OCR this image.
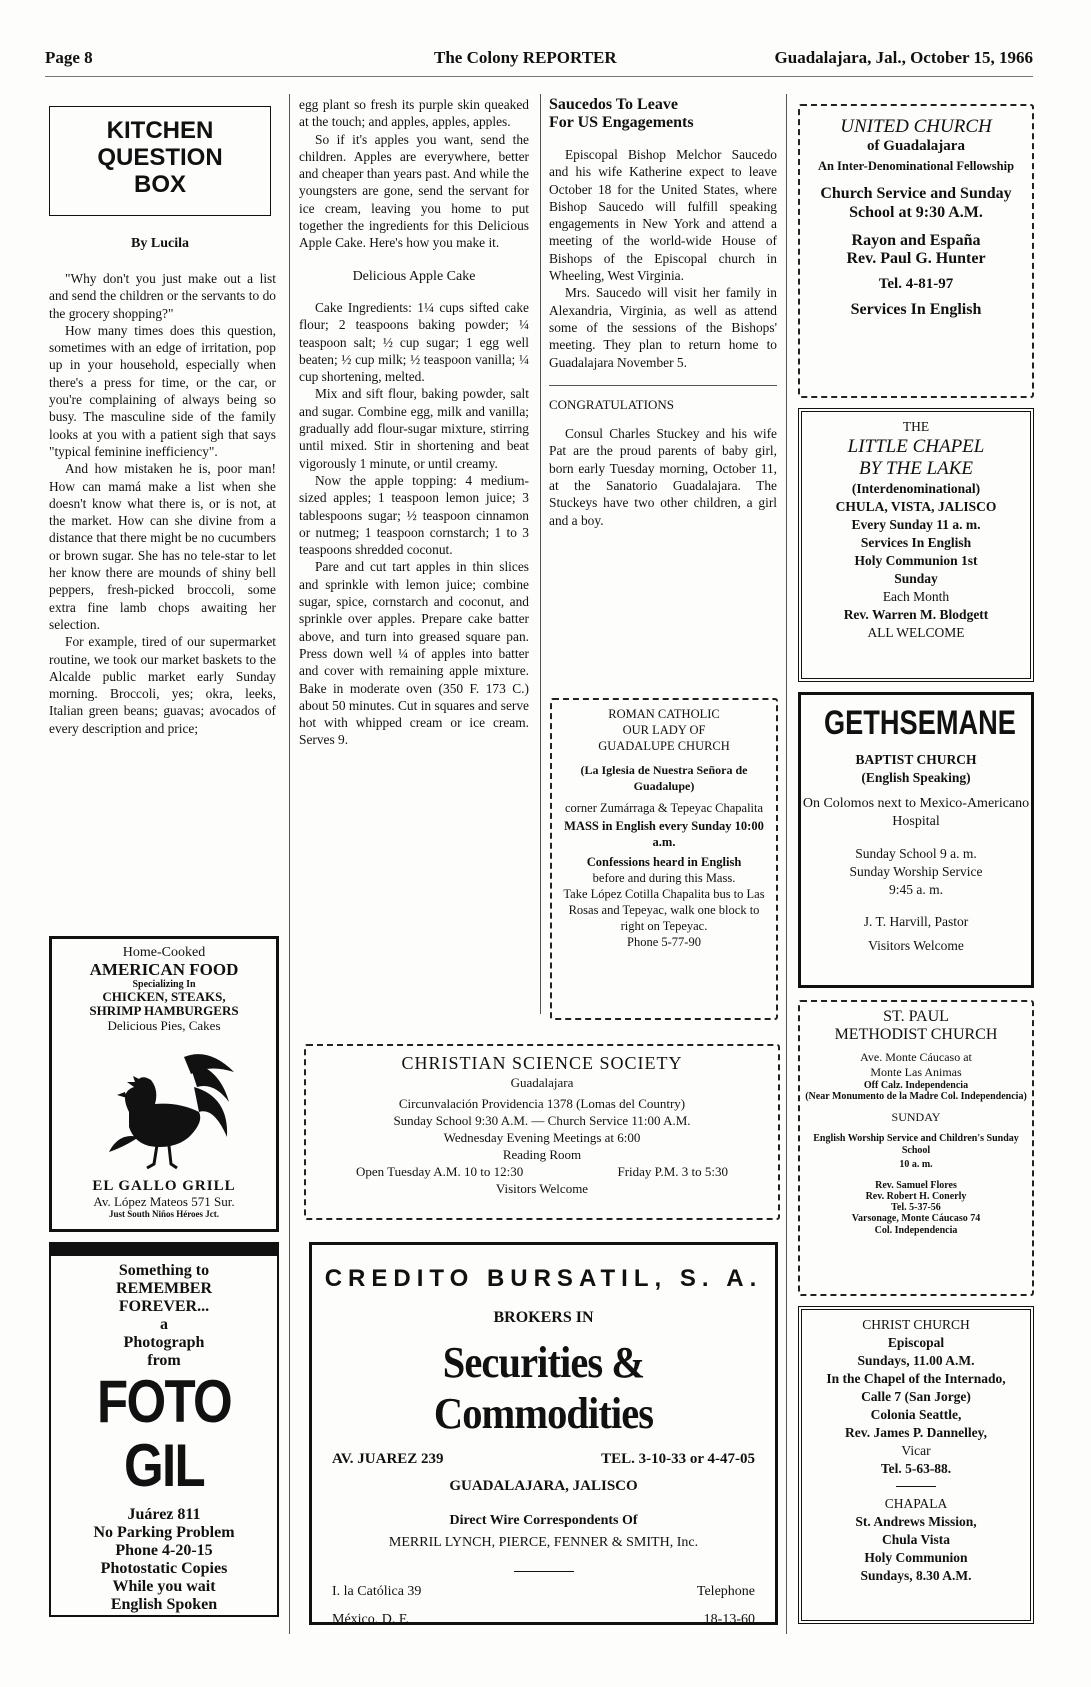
Page 8	The Colony REPORTER	Guadalajara, Jal., October 15, 1966
KITCHEN
QUESTION
BOX
By Lucila

"Why don't you just make out a list and send the children or the servants to do the grocery shopping?"

How many times does this question, sometimes with an edge of irritation, pop up in your household, especially when there's a press for time, or the car, or you're complaining of always being so busy. The masculine side of the family looks at you with a patient sigh that says "typical feminine inefficiency".

And how mistaken he is, poor man! How can mamá make a list when she doesn't know what there is, or is not, at the market. How can she divine from a distance that there might be no cucumbers or brown sugar. She has no tele-star to let her know there are mounds of shiny bell peppers, fresh-picked broccoli, some extra fine lamb chops awaiting her selection.

For example, tired of our supermarket routine, we took our market baskets to the Alcalde public market early Sunday morning. Broccoli, yes; okra, leeks, Italian green beans; guavas; avocados of every description and price;

Home-Cooked
AMERICAN FOOD
Specializing In
CHICKEN, STEAKS, SHRIMP HAMBURGERS
Delicious Pies, Cakes
EL GALLO GRILL
Av. López Mateos 571 Sur.
Just South Niños Héroes Jct.
Something to
REMEMBER
FOREVER...
a
Photograph
from
FOTO GIL
Juárez 811
No Parking Problem
Phone 4-20-15
Photostatic Copies
While you wait
English Spoken

egg plant so fresh its purple skin queaked at the touch; and apples, apples, apples.

So if it's apples you want, send the children. Apples are everywhere, better and cheaper than years past. And while the youngsters are gone, send the servant for ice cream, leaving you home to put together the ingredients for this Delicious Apple Cake. Here's how you make it.

Delicious Apple Cake

Cake Ingredients: 1¼ cups sifted cake flour; 2 teaspoons baking powder; ¼ teaspoon salt; ½ cup sugar; 1 egg well beaten; ½ cup milk; ½ teaspoon vanilla; ¼ cup shortening, melted.

Mix and sift flour, baking powder, salt and sugar. Combine egg, milk and vanilla; gradually add flour-sugar mixture, stirring until mixed. Stir in shortening and beat vigorously 1 minute, or until creamy.

Now the apple topping: 4 medium-sized apples; 1 teaspoon lemon juice; 3 tablespoons sugar; ½ teaspoon cinnamon or nutmeg; 1 teaspoon cornstarch; 1 to 3 teaspoons shredded coconut.

Pare and cut tart apples in thin slices and sprinkle with lemon juice; combine sugar, spice, cornstarch and coconut, and sprinkle over apples. Prepare cake batter above, and turn into greased square pan. Press down well ¼ of apples into batter and cover with remaining apple mixture. Bake in moderate oven (350 F. 173 C.) about 50 minutes. Cut in squares and serve hot with whipped cream or ice cream. Serves 9.

Saucedos To Leave
For US Engagements

Episcopal Bishop Melchor Saucedo and his wife Katherine expect to leave October 18 for the United States, where Bishop Saucedo will fulfill speaking engagements in New York and attend a meeting of the world-wide House of Bishops of the Episcopal church in Wheeling, West Virginia.

Mrs. Saucedo will visit her family in Alexandria, Virginia, as well as attend some of the sessions of the Bishops' meeting. They plan to return home to Guadalajara November 5.

CONGRATULATIONS

Consul Charles Stuckey and his wife Pat are the proud parents of baby girl, born early Tuesday morning, October 11, at the Sanatorio Guadalajara. The Stuckeys have two other children, a girl and a boy.

ROMAN CATHOLIC
OUR LADY OF
GUADALUPE CHURCH
(La Iglesia de Nuestra Señora de Guadalupe)
corner Zumárraga & Tepeyac Chapalita
MASS in English every Sunday 10:00 a.m.
Confessions heard in English
before and during this Mass.
Take López Cotilla Chapalita bus to Las Rosas and Tepeyac, walk one block to right on Tepeyac.
Phone 5-77-90
CHRISTIAN SCIENCE SOCIETY
Guadalajara
Circunvalación Providencia 1378 (Lomas del Country)
Sunday School 9:30 A.M. — Church Service 11:00 A.M.
Wednesday Evening Meetings at 6:00
Reading Room
Open Tuesday A.M. 10 to 12:30	Friday P.M. 3 to 5:30
Visitors Welcome
CREDITO BURSATIL, S. A.
BROKERS IN
Securities & Commodities
AV. JUAREZ 239	TEL. 3-10-33 or 4-47-05
GUADALAJARA, JALISCO
Direct Wire Correspondents Of
MERRIL LYNCH, PIERCE, FENNER & SMITH, Inc.
I. la Católica 39	Telephone
México, D. F.	18-13-60
UNITED CHURCH
of Guadalajara
An Inter-Denominational Fellowship
Church Service and Sunday School at 9:30 A.M.
Rayon and España
Rev. Paul G. Hunter
Tel. 4-81-97
Services In English
THE
LITTLE CHAPEL
BY THE LAKE
(Interdenominational)
CHULA, VISTA, JALISCO
Every Sunday 11 a. m.
Services In English
Holy Communion 1st Sunday
Each Month
Rev. Warren M. Blodgett
ALL WELCOME
GETHSEMANE
BAPTIST CHURCH
(English Speaking)
On Colomos next to Mexico-Americano Hospital
Sunday School 9 a. m.
Sunday Worship Service
9:45 a. m.
J. T. Harvill, Pastor
Visitors Welcome
ST. PAUL
METHODIST CHURCH
Ave. Monte Cáucaso at
Monte Las Animas
Off Calz. Independencia
(Near Monumento de la Madre Col. Independencia)
SUNDAY
English Worship Service and Children's Sunday School
10 a. m.
Rev. Samuel Flores
Rev. Robert H. Conerly
Tel. 5-37-56
Varsonage, Monte Cáucaso 74
Col. Independencia
CHRIST CHURCH
Episcopal
Sundays, 11.00 A.M.
In the Chapel of the Internado,
Calle 7 (San Jorge)
Colonia Seattle,
Rev. James P. Dannelley,
Vicar
Tel. 5-63-88.
CHAPALA
St. Andrews Mission,
Chula Vista
Holy Communion
Sundays, 8.30 A.M.
